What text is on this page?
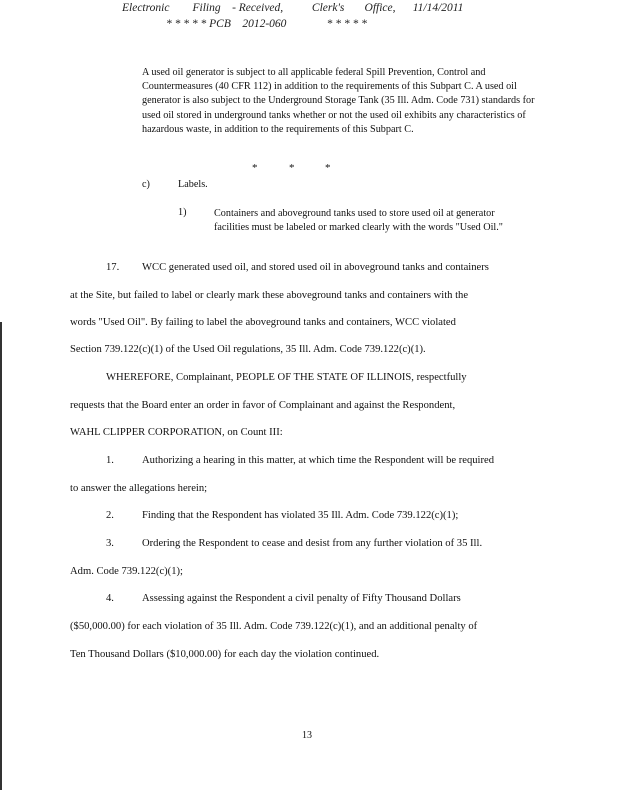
Electronic        Filing    - Received,          Clerk's       Office,      11/14/2011
* * * * * PCB    2012-060              * * * * *
A used oil generator is subject to all applicable federal Spill Prevention, Control and Countermeasures (40 CFR 112) in addition to the requirements of this Subpart C. A used oil generator is also subject to the Underground Storage Tank (35 Ill. Adm. Code 731) standards for used oil stored in underground tanks whether or not the used oil exhibits any characteristics of hazardous waste, in addition to the requirements of this Subpart C.
*	*	*
c)	Labels.
1)	Containers and aboveground tanks used to store used oil at generator facilities must be labeled or marked clearly with the words "Used Oil."
17. WCC generated used oil, and stored used oil in aboveground tanks and containers
at the Site, but failed to label or clearly mark these aboveground tanks and containers with the
words "Used Oil". By failing to label the aboveground tanks and containers, WCC violated
Section 739.122(c)(1) of the Used Oil regulations, 35 Ill. Adm. Code 739.122(c)(1).
WHEREFORE, Complainant, PEOPLE OF THE STATE OF ILLINOIS, respectfully
requests that the Board enter an order in favor of Complainant and against the Respondent,
WAHL CLIPPER CORPORATION, on Count III:
1.	Authorizing a hearing in this matter, at which time the Respondent will be required
to answer the allegations herein;
2.	Finding that the Respondent has violated 35 Ill. Adm. Code 739.122(c)(1);
3.	Ordering the Respondent to cease and desist from any further violation of 35 Ill.
Adm. Code 739.122(c)(1);
4.	Assessing against the Respondent a civil penalty of Fifty Thousand Dollars
($50,000.00) for each violation of 35 Ill. Adm. Code 739.122(c)(1), and an additional penalty of
Ten Thousand Dollars ($10,000.00) for each day the violation continued.
13
